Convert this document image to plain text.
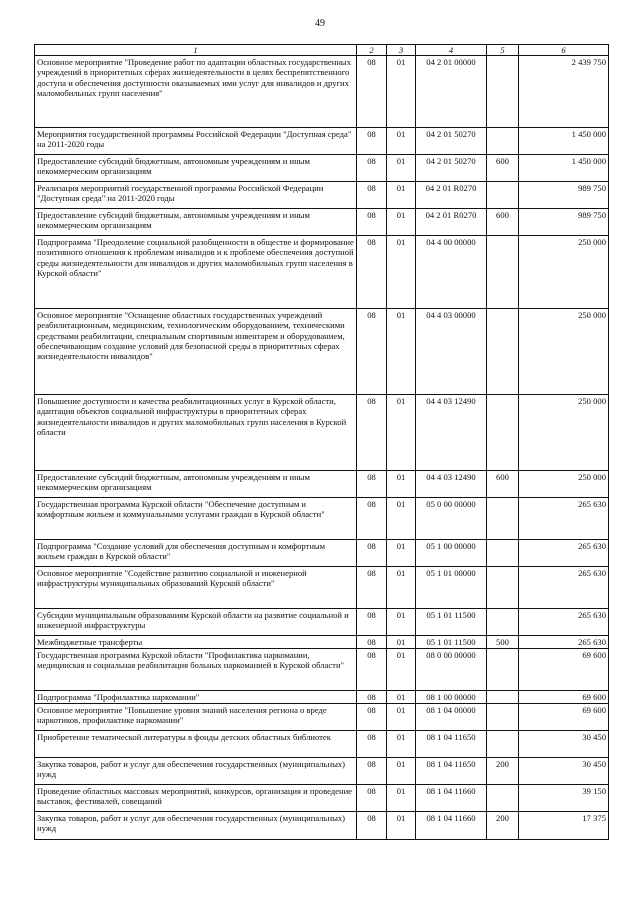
49
1	2	3	4	5	6
Основное мероприятие "Проведение работ по адаптации областных государственных учреждений в приоритетных сферах жизнедеятельности в целях беспрепятственного доступа и обеспечения доступности оказываемых ими услуг для инвалидов и других маломобильных групп населения"	08	01	04 2 01 00000		2 439 750
Мероприятия государственной программы Российской Федерации "Доступная среда" на 2011-2020 годы	08	01	04 2 01 50270		1 450 000
Предоставление субсидий бюджетным, автономным учреждениям и иным некоммерческим организациям	08	01	04 2 01 50270	600	1 450 000
Реализация мероприятий государственной программы Российской Федерации "Доступная среда" на 2011-2020 годы	08	01	04 2 01 R0270		989 750
Предоставление субсидий бюджетным, автономным учреждениям и иным некоммерческим организациям	08	01	04 2 01 R0270	600	989 750
Подпрограмма "Преодоление социальной разобщенности в обществе и формирование позитивного отношения к проблемам инвалидов и к проблеме обеспечения доступной среды жизнедеятельности для инвалидов и других маломобильных групп населения в Курской области"	08	01	04 4 00 00000		250 000
Основное мероприятие "Оснащение областных государственных учреждений реабилитационным, медицинским, технологическим оборудованием, техническими средствами реабилитации, специальным спортивным инвентарем и оборудованием, обеспечивающим создание условий для безопасной среды в приоритетных сферах жизнедеятельности инвалидов"	08	01	04 4 03 00000		250 000
Повышение доступности и качества реабилитационных услуг в Курской области, адаптация объектов социальной инфраструктуры в приоритетных сферах жизнедеятельности инвалидов и других маломобильных групп населения в Курской области	08	01	04 4 03 12490		250 000
Предоставление субсидий бюджетным, автономным учреждениям и иным некоммерческим организациям	08	01	04 4 03 12490	600	250 000
Государственная программа Курской области "Обеспечение доступным и комфортным жильем и коммунальными услугами граждан в Курской области"	08	01	05 0 00 00000		265 630
Подпрограмма "Создание условий для обеспечения доступным и комфортным жильем граждан в Курской области"	08	01	05 1 00 00000		265 630
Основное мероприятие "Содействие развитию социальной и инженерной инфраструктуры муниципальных образований Курской области"	08	01	05 1 01 00000		265 630
Субсидии муниципальным образованиям Курской области на развитие социальной и инженерной инфраструктуры	08	01	05 1 01 11500		265 630
Межбюджетные трансферты	08	01	05 1 01 11500	500	265 630
Государственная программа Курской области "Профилактика наркомании, медицинская и социальная реабилитация больных наркоманией в Курской области"	08	01	08 0 00 00000		69 600
Подпрограмма "Профилактика наркомании"	08	01	08 1 00 00000		69 600
Основное мероприятие "Повышение уровня знаний населения региона о вреде наркотиков, профилактике наркомании"	08	01	08 1 04 00000		69 600
Приобретение тематической литературы в фонды детских областных библиотек	08	01	08 1 04 11650		30 450
Закупка товаров, работ и услуг для обеспечения государственных (муниципальных) нужд	08	01	08 1 04 11650	200	30 450
Проведение областных массовых мероприятий, конкурсов, организация и проведение выставок, фестивалей, совещаний	08	01	08 1 04 11660		39 150
Закупка товаров, работ и услуг для обеспечения государственных (муниципальных) нужд	08	01	08 1 04 11660	200	17 375
